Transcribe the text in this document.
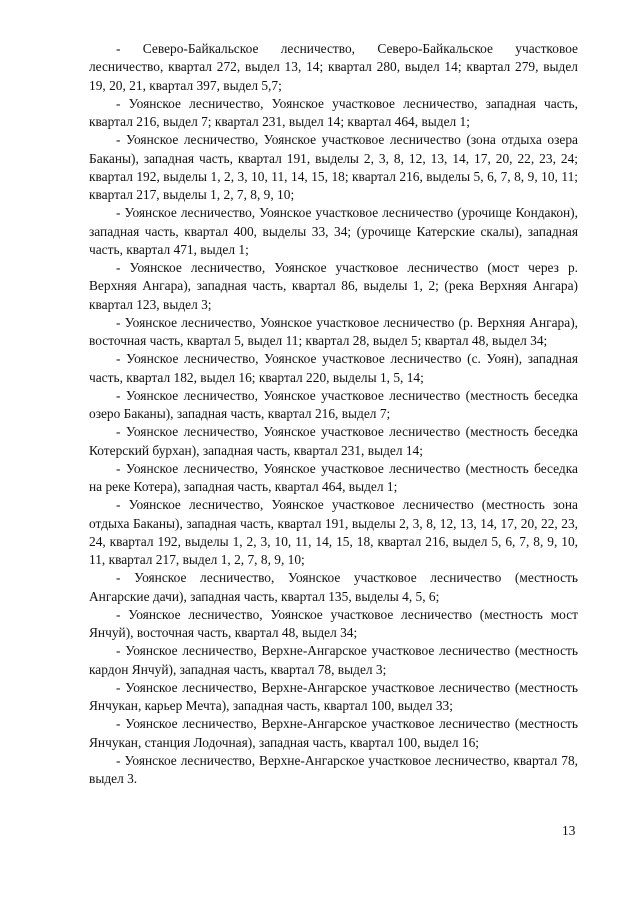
- Северо-Байкальское лесничество, Северо-Байкальское участковое лесничество, квартал 272, выдел 13, 14; квартал 280, выдел 14; квартал 279, выдел 19, 20, 21, квартал 397, выдел 5,7;

- Уоянское лесничество, Уоянское участковое лесничество, западная часть, квартал 216, выдел 7; квартал 231, выдел 14; квартал 464, выдел 1;

- Уоянское лесничество, Уоянское участковое лесничество (зона отдыха озера Баканы), западная часть, квартал 191, выделы 2, 3, 8, 12, 13, 14, 17, 20, 22, 23, 24; квартал 192, выделы 1, 2, 3, 10, 11, 14, 15, 18; квартал 216, выделы 5, 6, 7, 8, 9, 10, 11; квартал 217, выделы 1, 2, 7, 8, 9, 10;

- Уоянское лесничество, Уоянское участковое лесничество (урочище Кондакон), западная часть, квартал 400, выделы 33, 34; (урочище Катерские скалы), западная часть, квартал 471, выдел 1;

- Уоянское лесничество, Уоянское участковое лесничество (мост через р. Верхняя Ангара), западная часть, квартал 86, выделы 1, 2; (река Верхняя Ангара) квартал 123, выдел 3;

- Уоянское лесничество, Уоянское участковое лесничество (р. Верхняя Ангара), восточная часть, квартал 5, выдел 11; квартал 28, выдел 5; квартал 48, выдел 34;

- Уоянское лесничество, Уоянское участковое лесничество (с. Уоян), западная часть, квартал 182, выдел 16; квартал 220, выделы 1, 5, 14;

- Уоянское лесничество, Уоянское участковое лесничество (местность беседка озеро Баканы), западная часть, квартал 216, выдел 7;

- Уоянское лесничество, Уоянское участковое лесничество (местность беседка Котерский бурхан), западная часть, квартал 231, выдел 14;

- Уоянское лесничество, Уоянское участковое лесничество (местность беседка на реке Котера), западная часть, квартал 464, выдел 1;

- Уоянское лесничество, Уоянское участковое лесничество (местность зона отдыха Баканы), западная часть, квартал 191, выделы 2, 3, 8, 12, 13, 14, 17, 20, 22, 23, 24, квартал 192, выделы 1, 2, 3, 10, 11, 14, 15, 18, квартал 216, выдел 5, 6, 7, 8, 9, 10, 11, квартал 217, выдел 1, 2, 7, 8, 9, 10;

- Уоянское лесничество, Уоянское участковое лесничество (местность Ангарские дачи), западная часть, квартал 135, выделы 4, 5, 6;

- Уоянское лесничество, Уоянское участковое лесничество (местность мост Янчуй), восточная часть, квартал 48, выдел 34;

- Уоянское лесничество, Верхне-Ангарское участковое лесничество (местность кардон Янчуй), западная часть, квартал 78, выдел 3;

- Уоянское лесничество, Верхне-Ангарское участковое лесничество (местность Янчукан, карьер Мечта), западная часть, квартал 100, выдел 33;

- Уоянское лесничество, Верхне-Ангарское участковое лесничество (местность Янчукан, станция Лодочная), западная часть, квартал 100, выдел 16;

- Уоянское лесничество, Верхне-Ангарское участковое лесничество, квартал 78, выдел 3.

13
